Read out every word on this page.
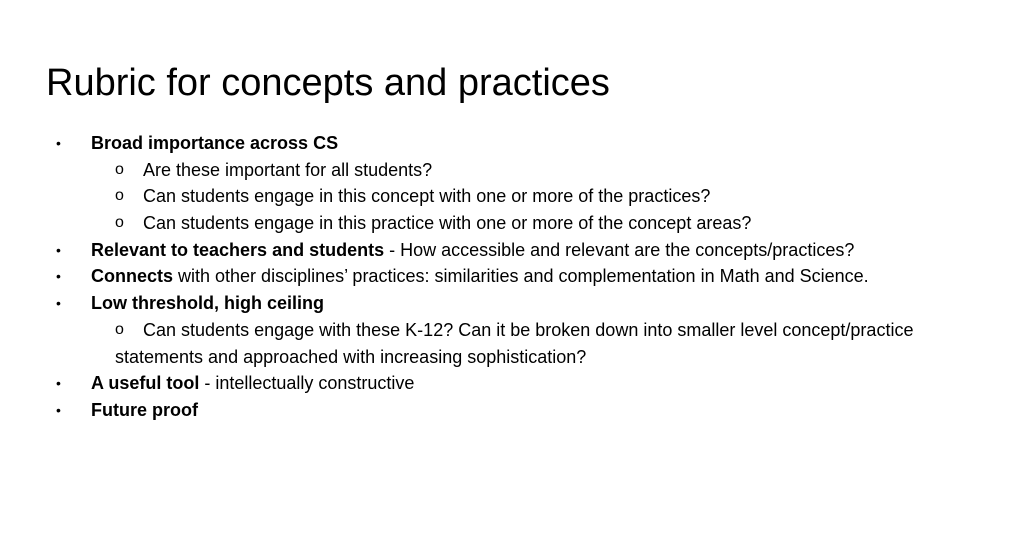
Rubric for concepts and practices
• Broad importance across CS
o Are these important for all students?
o Can students engage in this concept with one or more of the practices?
o Can students engage in this practice with one or more of the concept areas?
• Relevant to teachers and students - How accessible and relevant are the concepts/practices?
• Connects with other disciplines’ practices: similarities and complementation in Math and Science.
• Low threshold, high ceiling
o Can students engage with these K-12? Can it be broken down into smaller level concept/practice
statements and approached with increasing sophistication?
• A useful tool - intellectually constructive
• Future proof
